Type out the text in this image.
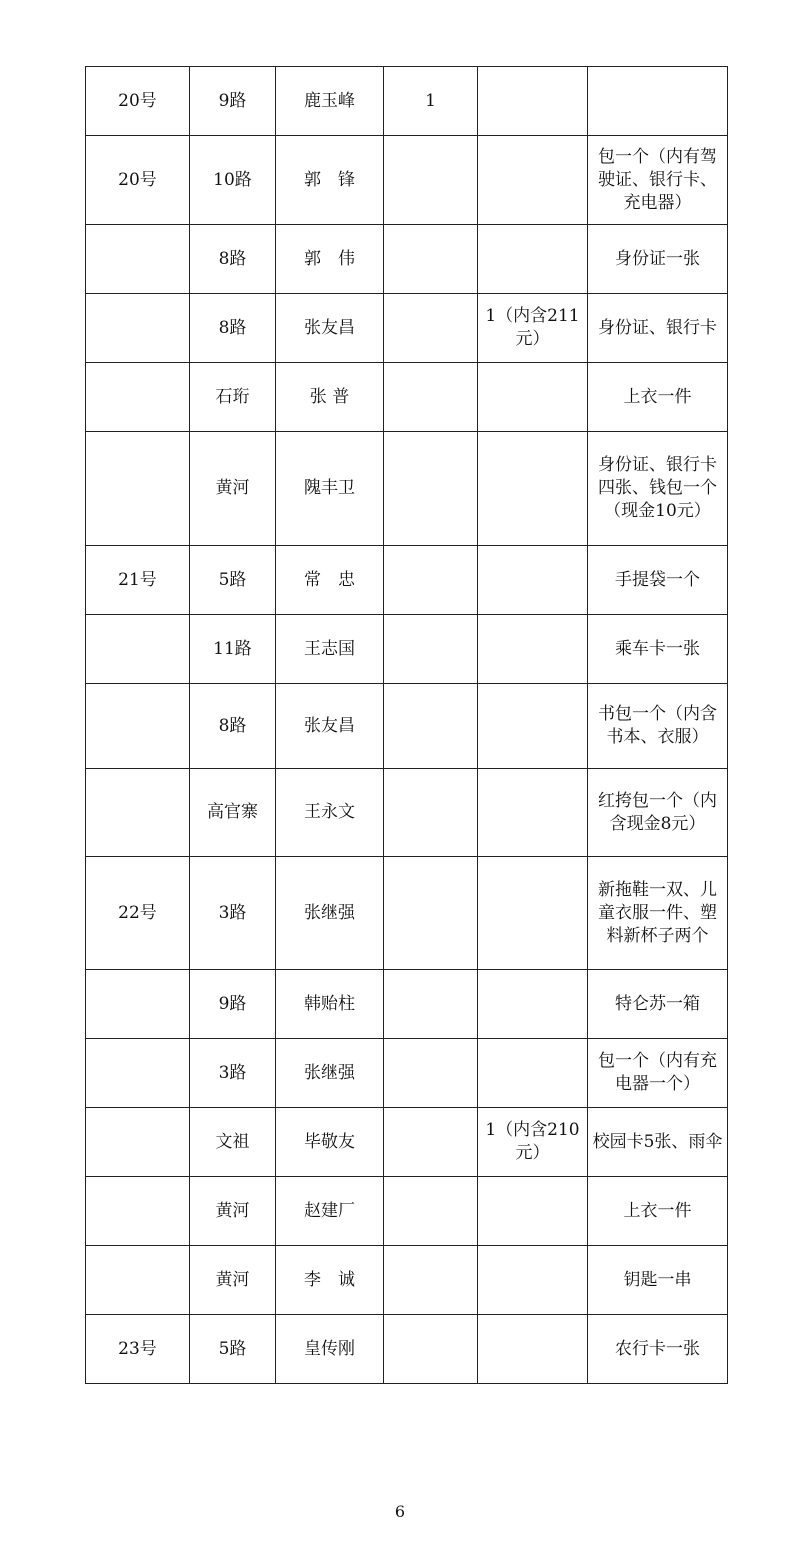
20号	9路	鹿玉峰	1		
20号	10路	郭　锋			包一个（内有驾驶证、银行卡、充电器）
	8路	郭　伟			身份证一张
	8路	张友昌		1（内含211元）	身份证、银行卡
	石珩	张 普			上衣一件
	黄河	隗丰卫			身份证、银行卡四张、钱包一个（现金10元）
21号	5路	常　忠			手提袋一个
	11路	王志国			乘车卡一张
	8路	张友昌			书包一个（内含书本、衣服）
	高官寨	王永文			红挎包一个（内含现金8元）
22号	3路	张继强			新拖鞋一双、儿童衣服一件、塑料新杯子两个
	9路	韩贻柱			特仑苏一箱
	3路	张继强			包一个（内有充电器一个）
	文祖	毕敬友		1（内含210元）	校园卡5张、雨伞
	黄河	赵建厂			上衣一件
	黄河	李　诚			钥匙一串
23号	5路	皇传刚			农行卡一张
6
